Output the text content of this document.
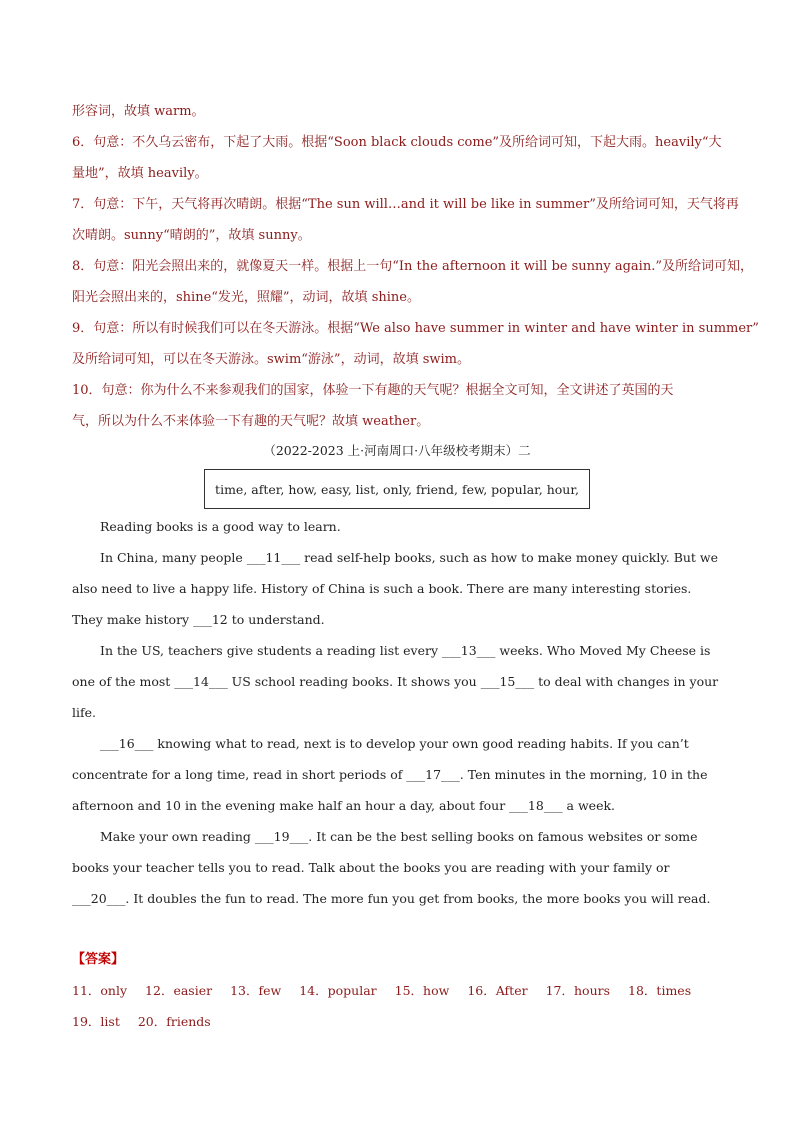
形容词，故填 warm。
6．句意：不久乌云密布，下起了大雨。根据“Soon black clouds come”及所给词可知，下起大雨。heavily“大
量地”，故填 heavily。
7．句意：下午，天气将再次晴朗。根据“The sun will…and it will be like in summer”及所给词可知，天气将再
次晴朗。sunny“晴朗的”，故填 sunny。
8．句意：阳光会照出来的，就像夏天一样。根据上一句“In the afternoon it will be sunny again.”及所给词可知，
阳光会照出来的，shine“发光，照耀”，动词，故填 shine。
9．句意：所以有时候我们可以在冬天游泳。根据“We also have summer in winter and have winter in summer”
及所给词可知，可以在冬天游泳。swim“游泳”，动词，故填 swim。
10．句意：你为什么不来参观我们的国家，体验一下有趣的天气呢？根据全文可知，全文讲述了英国的天
气，所以为什么不来体验一下有趣的天气呢？故填 weather。
（2022-2023 上·河南周口·八年级校考期末）二
time, after, how, easy, list, only, friend, few, popular, hour,

Reading books is a good way to learn.

In China, many people ___11___ read self-help books, such as how to make money quickly. But we also need to live a happy life. History of China is such a book. There are many interesting stories. They make history ___12 to understand.

In the US, teachers give students a reading list every ___13___ weeks. Who Moved My Cheese is one of the most ___14___ US school reading books. It shows you ___15___ to deal with changes in your life.

___16___ knowing what to read, next is to develop your own good reading habits. If you can’t concentrate for a long time, read in short periods of ___17___. Ten minutes in the morning, 10 in the afternoon and 10 in the evening make half an hour a day, about four ___18___ a week.

Make your own reading ___19___. It can be the best selling books on famous websites or some books your teacher tells you to read. Talk about the books you are reading with your family or ___20___. It doubles the fun to read. The more fun you get from books, the more books you will read.

【答案】
11．only 12．easier 13．few 14．popular 15．how 16．After 17．hours 18．times
19．list 20．friends
